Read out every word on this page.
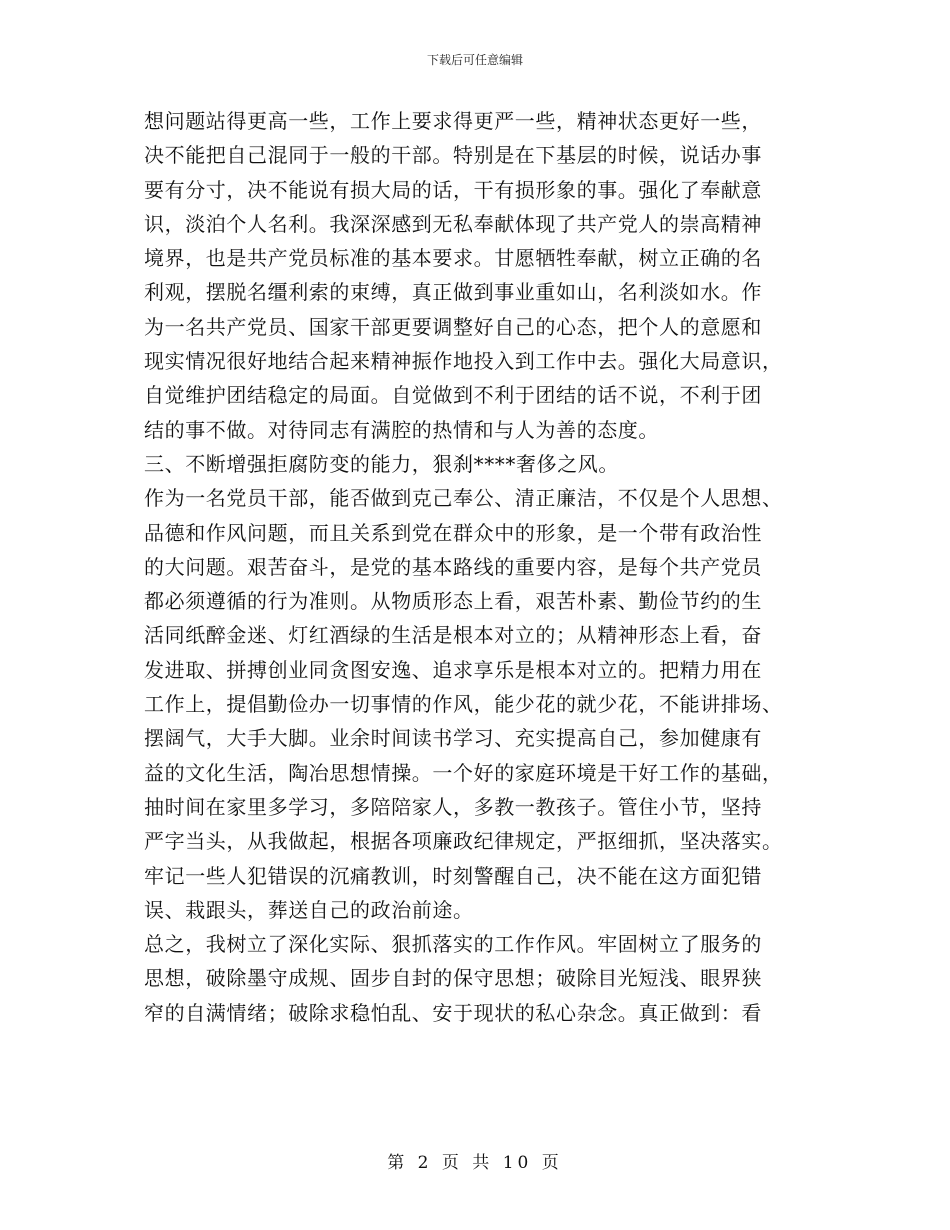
下载后可任意编辑
想问题站得更高一些，工作上要求得更严一些，精神状态更好一些，
决不能把自己混同于一般的干部。特别是在下基层的时候，说话办事
要有分寸，决不能说有损大局的话，干有损形象的事。强化了奉献意
识，淡泊个人名利。我深深感到无私奉献体现了共产党人的崇高精神
境界，也是共产党员标准的基本要求。甘愿牺牲奉献，树立正确的名
利观，摆脱名缰利索的束缚，真正做到事业重如山，名利淡如水。作
为一名共产党员、国家干部更要调整好自己的心态，把个人的意愿和
现实情况很好地结合起来精神振作地投入到工作中去。强化大局意识，
自觉维护团结稳定的局面。自觉做到不利于团结的话不说，不利于团
结的事不做。对待同志有满腔的热情和与人为善的态度。
三、不断增强拒腐防变的能力，狠刹****奢侈之风。
作为一名党员干部，能否做到克己奉公、清正廉洁，不仅是个人思想、
品德和作风问题，而且关系到党在群众中的形象，是一个带有政治性
的大问题。艰苦奋斗，是党的基本路线的重要内容，是每个共产党员
都必须遵循的行为准则。从物质形态上看，艰苦朴素、勤俭节约的生
活同纸醉金迷、灯红酒绿的生活是根本对立的；从精神形态上看，奋
发进取、拼搏创业同贪图安逸、追求享乐是根本对立的。把精力用在
工作上，提倡勤俭办一切事情的作风，能少花的就少花，不能讲排场、
摆阔气，大手大脚。业余时间读书学习、充实提高自己，参加健康有
益的文化生活，陶冶思想情操。一个好的家庭环境是干好工作的基础，
抽时间在家里多学习，多陪陪家人，多教一教孩子。管住小节，坚持
严字当头，从我做起，根据各项廉政纪律规定，严抠细抓，坚决落实。
牢记一些人犯错误的沉痛教训，时刻警醒自己，决不能在这方面犯错
误、栽跟头，葬送自己的政治前途。
总之，我树立了深化实际、狠抓落实的工作作风。牢固树立了服务的
思想，破除墨守成规、固步自封的保守思想；破除目光短浅、眼界狭
窄的自满情绪；破除求稳怕乱、安于现状的私心杂念。真正做到：看
第 2 页 共 10 页
